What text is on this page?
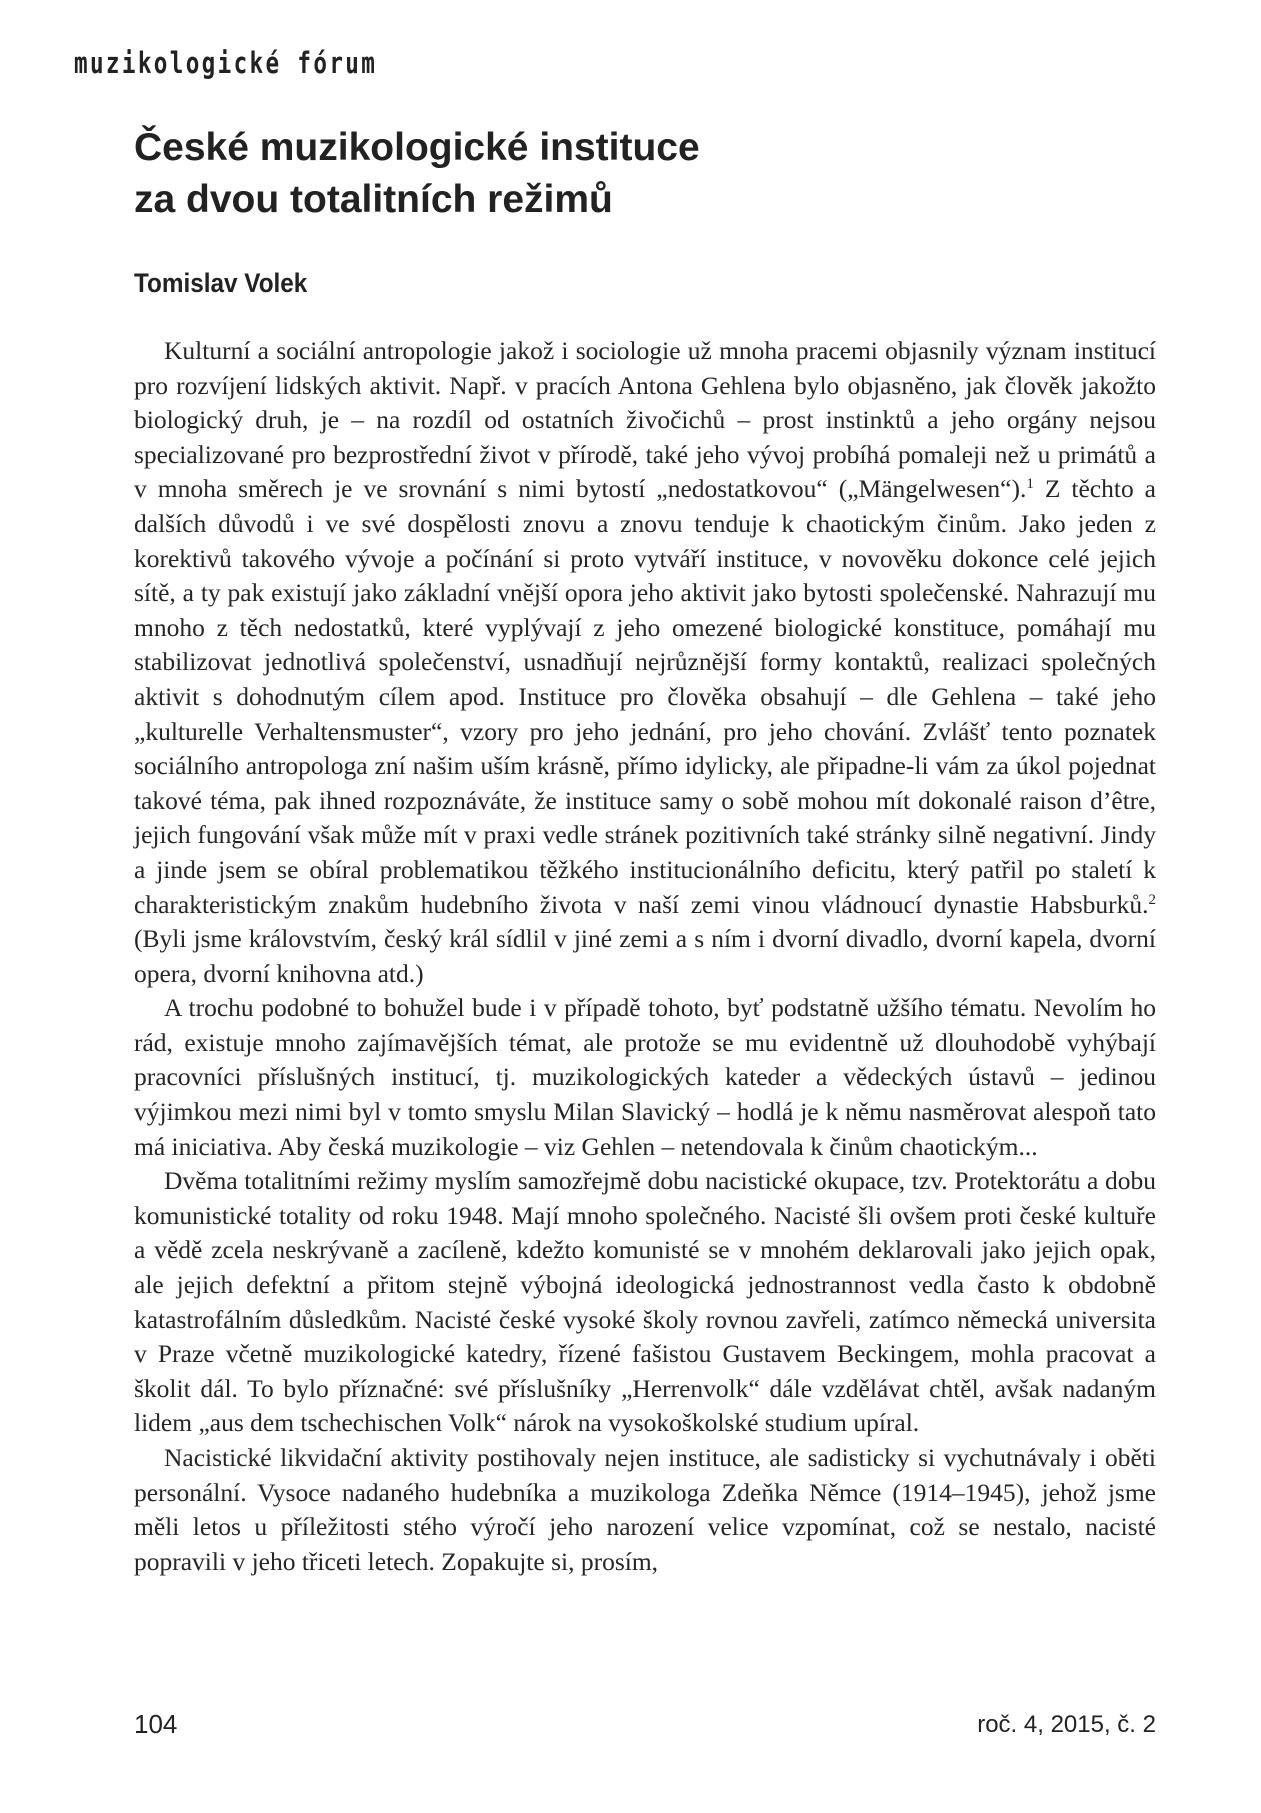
muzikologické fórum
České muzikologické instituce
za dvou totalitních režimů
Tomislav Volek

Kulturní a sociální antropologie jakož i sociologie už mnoha pracemi objasnily význam institucí pro rozvíjení lidských aktivit. Např. v pracích Antona Gehlena bylo objasněno, jak člověk jakožto biologický druh, je – na rozdíl od ostatních živočichů – prost instinktů a jeho orgány nejsou specializované pro bezprostřední život v přírodě, také jeho vývoj probíhá pomaleji než u primátů a v mnoha směrech je ve srovnání s nimi bytostí „nedostatkovou“ („Mängelwesen“).$^1$ Z těchto a dalších důvodů i ve své dospělosti znovu a znovu tenduje k chaotickým činům. Jako jeden z korektivů takového vývoje a počínání si proto vytváří instituce, v novověku dokonce celé jejich sítě, a ty pak existují jako základní vnější opora jeho aktivit jako bytosti společenské. Nahrazují mu mnoho z těch nedostatků, které vyplývají z jeho omezené biologické konstituce, pomáhají mu stabilizovat jednotlivá společenství, usnadňují nejrůznější formy kontaktů, realizaci společných aktivit s dohodnutým cílem apod. Instituce pro člověka obsahují – dle Gehlena – také jeho „kulturelle Verhaltensmuster“, vzory pro jeho jednání, pro jeho chování. Zvlášť tento poznatek sociálního antropologa zní našim uším krásně, přímo idylicky, ale připadne-li vám za úkol pojednat takové téma, pak ihned rozpoznáváte, že instituce samy o sobě mohou mít dokonalé raison d’être, jejich fungování však může mít v praxi vedle stránek pozitivních také stránky silně negativní. Jindy a jinde jsem se obíral problematikou těžkého institucionálního deficitu, který patřil po staletí k charakteristickým znakům hudebního života v naší zemi vinou vládnoucí dynastie Habsburků.$^2$ (Byli jsme královstvím, český král sídlil v jiné zemi a s ním i dvorní divadlo, dvorní kapela, dvorní opera, dvorní knihovna atd.)

A trochu podobné to bohužel bude i v případě tohoto, byť podstatně užšího tématu. Nevolím ho rád, existuje mnoho zajímavějších témat, ale protože se mu evidentně už dlouhodobě vyhýbají pracovníci příslušných institucí, tj. muzikologických kateder a vědeckých ústavů – jedinou výjimkou mezi nimi byl v tomto smyslu Milan Slavický – hodlá je k němu nasměrovat alespoň tato má iniciativa. Aby česká muzikologie – viz Gehlen – netendovala k činům chaotickým...

Dvěma totalitními režimy myslím samozřejmě dobu nacistické okupace, tzv. Protektorátu a dobu komunistické totality od roku 1948. Mají mnoho společného. Nacisté šli ovšem proti české kultuře a vědě zcela neskrývaně a zacíleně, kdežto komunisté se v mnohém deklarovali jako jejich opak, ale jejich defektní a přitom stejně výbojná ideologická jednostrannost vedla často k obdobně katastrofálním důsledkům. Nacisté české vysoké školy rovnou zavřeli, zatímco německá universita v Praze včetně muzikologické katedry, řízené fašistou Gustavem Beckingem, mohla pracovat a školit dál. To bylo příznačné: své příslušníky „Herrenvolk“ dále vzdělávat chtěl, avšak nadaným lidem „aus dem tschechischen Volk“ nárok na vysokoškolské studium upíral.

Nacistické likvidační aktivity postihovaly nejen instituce, ale sadisticky si vychutnávaly i oběti personální. Vysoce nadaného hudebníka a muzikologa Zdeňka Němce (1914–1945), jehož jsme měli letos u příležitosti stého výročí jeho narození velice vzpomínat, což se nestalo, nacisté popravili v jeho třiceti letech. Zopakujte si, prosím,

104	roč. 4, 2015, č. 2
